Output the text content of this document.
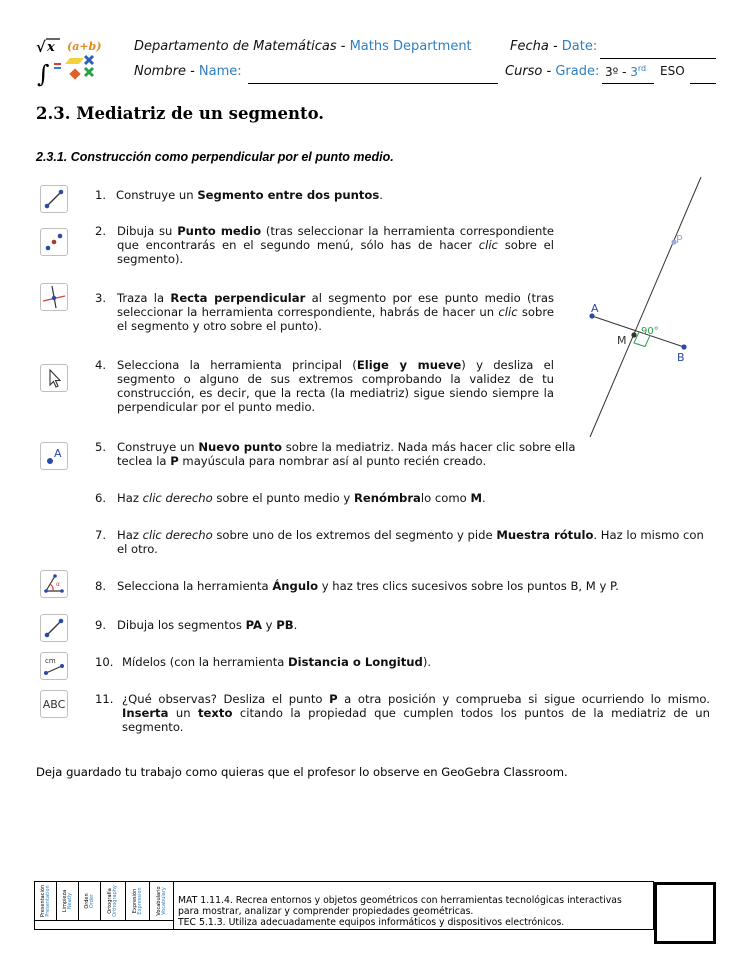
√ x (a+b)
∫
Departamento de Matemáticas - Maths Department	Fecha - Date:
Nombre - Name:	Curso - Grade: 3º - 3rd ESO
2.3. Mediatriz de un segmento.
2.3.1. Construcción como perpendicular por el punto medio.
A
α
cm
ABC
1. Construye un Segmento entre dos puntos.
2. Dibuja su Punto medio (tras seleccionar la herramienta correspondiente que encontrarás en el segundo menú, sólo has de hacer clic sobre el segmento).
3. Traza la Recta perpendicular al segmento por ese punto medio (tras seleccionar la herramienta correspondiente, habrás de hacer un clic sobre el segmento y otro sobre el punto).
4. Selecciona la herramienta principal (Elige y mueve) y desliza el segmento o alguno de sus extremos comprobando la validez de tu construcción, es decir, que la recta (la mediatriz) sigue siendo siempre la perpendicular por el punto medio.
5. Construye un Nuevo punto sobre la mediatriz. Nada más hacer clic sobre ella teclea la P mayúscula para nombrar así al punto recién creado.
6. Haz clic derecho sobre el punto medio y Renómbralo como M.
7. Haz clic derecho sobre uno de los extremos del segmento y pide Muestra rótulo. Haz lo mismo con el otro.
8. Selecciona la herramienta Ángulo y haz tres clics sucesivos sobre los puntos B, M y P.
9. Dibuja los segmentos PA y PB.
10. Mídelos (con la herramienta Distancia o Longitud).
11. ¿Qué observas? Desliza el punto P a otra posición y comprueba si sigue ocurriendo lo mismo. Inserta un texto citando la propiedad que cumplen todos los puntos de la mediatriz de un segmento.
A
B
M
P
90°
Deja guardado tu trabajo como quieras que el profesor lo observe en GeoGebra Classroom.
Presentación Presentation Limpieza Neatly Orden Order	Ortografía Orthography	Expresión Expression	Vocabulario Vocabulary MAT 1.11.4. Recrea entornos y objetos geométricos con herramientas tecnológicas interactivas
para mostrar, analizar y comprender propiedades geométricas.
TEC 5.1.3. Utiliza adecuadamente equipos informáticos y dispositivos electrónicos.
